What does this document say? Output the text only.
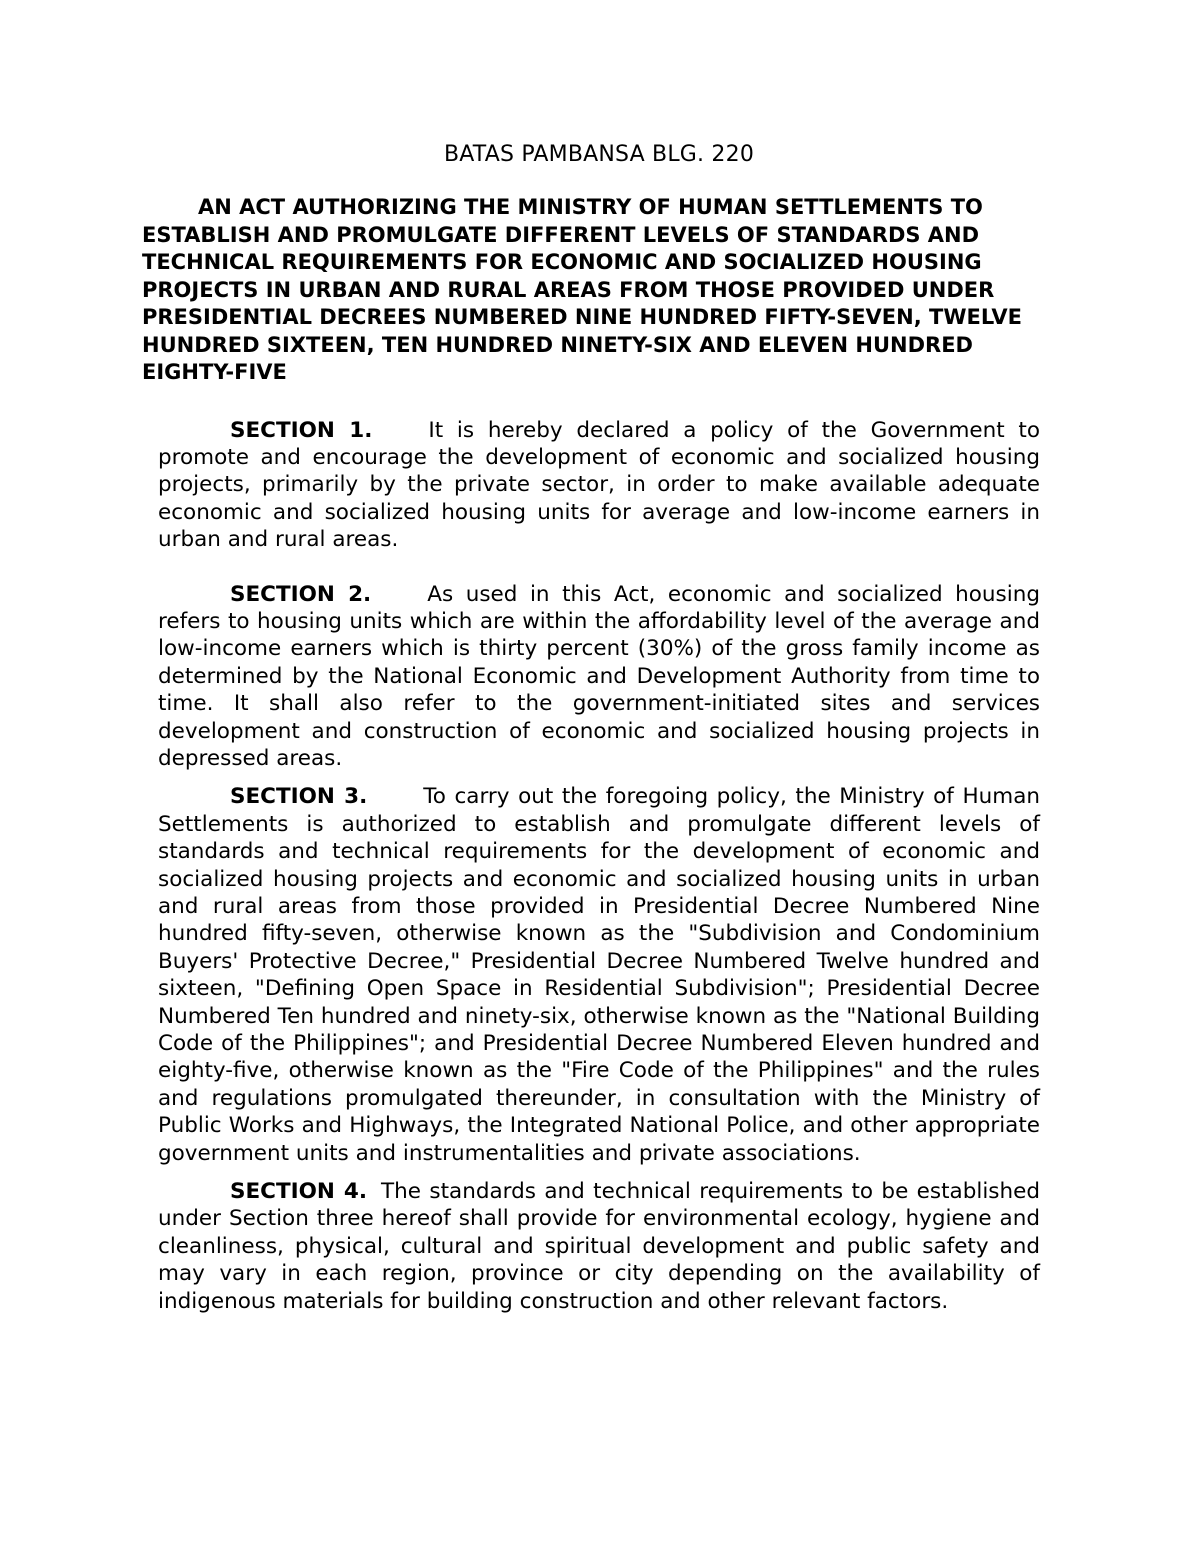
BATAS PAMBANSA BLG. 220
AN ACT AUTHORIZING THE MINISTRY OF HUMAN SETTLEMENTS TO ESTABLISH AND PROMULGATE DIFFERENT LEVELS OF STANDARDS AND TECHNICAL REQUIREMENTS FOR ECONOMIC AND SOCIALIZED HOUSING PROJECTS IN URBAN AND RURAL AREAS FROM THOSE PROVIDED UNDER PRESIDENTIAL DECREES NUMBERED NINE HUNDRED FIFTY-SEVEN, TWELVE HUNDRED SIXTEEN, TEN HUNDRED NINETY-SIX AND ELEVEN HUNDRED EIGHTY-FIVE

SECTION 1.	It is hereby declared a policy of the Government to promote and encourage the development of economic and socialized housing projects, primarily by the private sector, in order to make available adequate economic and socialized housing units for average and low-income earners in urban and rural areas.

SECTION 2.	As used in this Act, economic and socialized housing refers to housing units which are within the affordability level of the average and low-income earners which is thirty percent (30%) of the gross family income as determined by the National Economic and Development Authority from time to time. It shall also refer to the government-initiated sites and services development and construction of economic and socialized housing projects in depressed areas.

SECTION 3.	To carry out the foregoing policy, the Ministry of Human Settlements is authorized to establish and promulgate different levels of standards and technical requirements for the development of economic and socialized housing projects and economic and socialized housing units in urban and rural areas from those provided in Presidential Decree Numbered Nine hundred fifty-seven, otherwise known as the "Subdivision and Condominium Buyers' Protective Decree," Presidential Decree Numbered Twelve hundred and sixteen, "Defining Open Space in Residential Subdivision"; Presidential Decree Numbered Ten hundred and ninety-six, otherwise known as the "National Building Code of the Philippines"; and Presidential Decree Numbered Eleven hundred and eighty-five, otherwise known as the "Fire Code of the Philippines" and the rules and regulations promulgated thereunder, in consultation with the Ministry of Public Works and Highways, the Integrated National Police, and other appropriate government units and instrumentalities and private associations.

SECTION 4. The standards and technical requirements to be established under Section three hereof shall provide for environmental ecology, hygiene and cleanliness, physical, cultural and spiritual development and public safety and may vary in each region, province or city depending on the availability of indigenous materials for building construction and other relevant factors.
